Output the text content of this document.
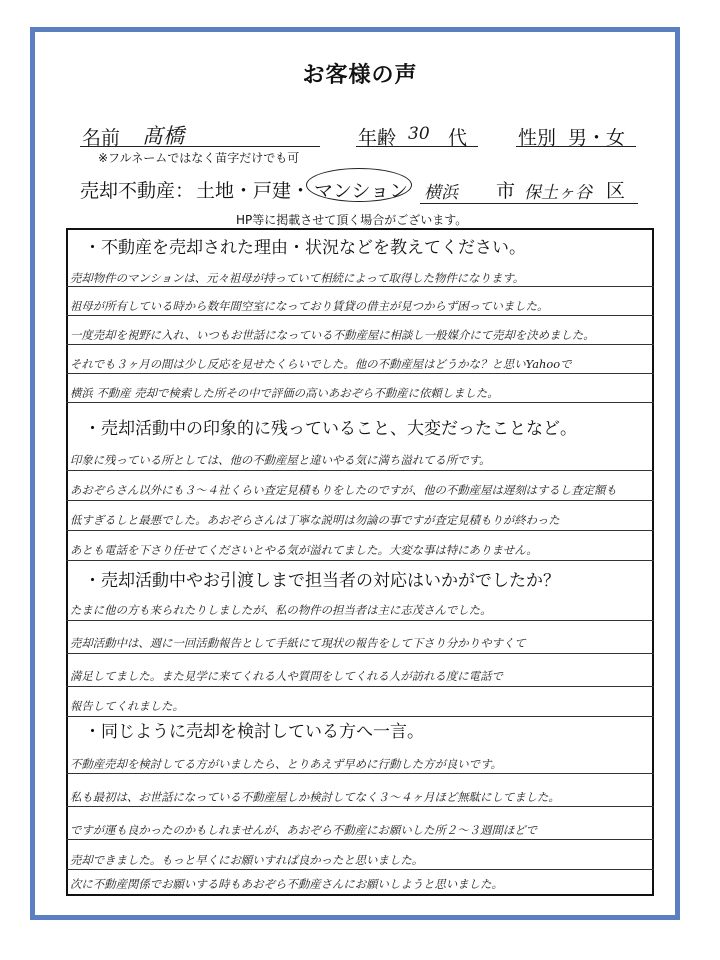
お客様の声
名前 髙橋	年齢 30 代	性別 男・女
※フルネームではなく苗字だけでも可
売却不動産： 土地・戸建・ マンション 横浜 市 保土ヶ谷 区
HP等に掲載させて頂く場合がございます。
・不動産を売却された理由・状況などを教えてください。
売却物件のマンションは、元々祖母が持っていて相続によって取得した物件になります。
祖母が所有している時から数年間空室になっており賃貸の借主が見つからず困っていました。
一度売却を視野に入れ、いつもお世話になっている不動産屋に相談し一般媒介にて売却を決めました。
それでも３ヶ月の間は少し反応を見せたくらいでした。他の不動産屋はどうかな？と思いYahooで
横浜 不動産 売却で検索した所その中で評価の高いあおぞら不動産に依頼しました。
・売却活動中の印象的に残っていること、大変だったことなど。
印象に残っている所としては、他の不動産屋と違いやる気に満ち溢れてる所です。
あおぞらさん以外にも３～４社くらい査定見積もりをしたのですが、他の不動産屋は遅刻はするし査定額も
低すぎるしと最悪でした。あおぞらさんは丁寧な説明は勿論の事ですが査定見積もりが終わった
あとも電話を下さり任せてくださいとやる気が溢れてました。大変な事は特にありません。
・売却活動中やお引渡しまで担当者の対応はいかがでしたか？
たまに他の方も来られたりしましたが、私の物件の担当者は主に志茂さんでした。
売却活動中は、週に一回活動報告として手紙にて現状の報告をして下さり分かりやすくて
満足してました。また見学に来てくれる人や質問をしてくれる人が訪れる度に電話で
報告してくれました。
・同じように売却を検討している方へ一言。
不動産売却を検討してる方がいましたら、とりあえず早めに行動した方が良いです。
私も最初は、お世話になっている不動産屋しか検討してなく３～４ヶ月ほど無駄にしてました。
ですが運も良かったのかもしれませんが、あおぞら不動産にお願いした所２～３週間ほどで
売却できました。もっと早くにお願いすれば良かったと思いました。
次に不動産関係でお願いする時もあおぞら不動産さんにお願いしようと思いました。
